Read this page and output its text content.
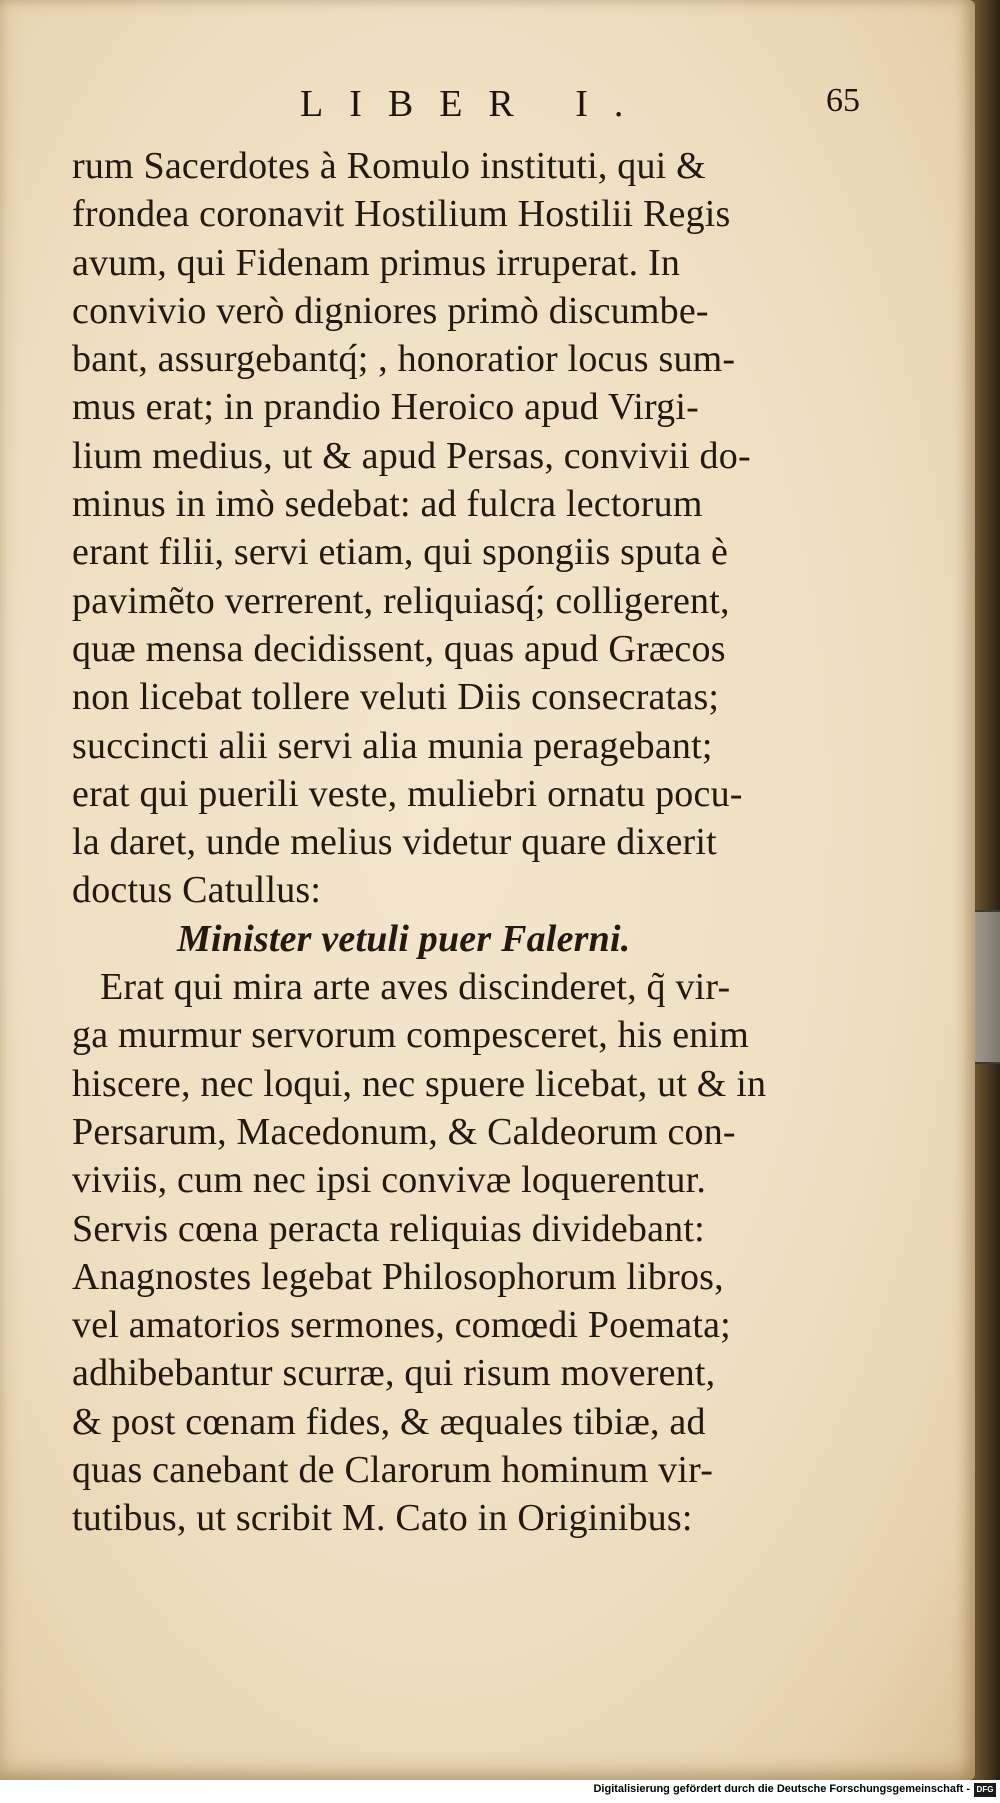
LIBER I.	65
rum Sacerdotes à Romulo instituti, qui &
frondea coronavit Hostilium Hostilii Regis
avum, qui Fidenam primus irruperat. In
convivio verò digniores primò discumbe-
bant, assurgebantq́; , honoratior locus sum-
mus erat; in prandio Heroico apud Virgi-
lium medius, ut & apud Persas, convivii do-
minus in imò sedebat: ad fulcra lectorum
erant filii, servi etiam, qui spongiis sputa è
pavimẽto verrerent, reliquiasq́; colligerent,
quæ mensa decidissent, quas apud Græcos
non licebat tollere veluti Diis consecratas;
succincti alii servi alia munia peragebant;
erat qui puerili veste, muliebri ornatu pocu-
la daret, unde melius videtur quare dixerit
doctus Catullus:
Minister vetuli puer Falerni.
Erat qui mira arte aves discinderet, q̃ vir-
ga murmur servorum compesceret, his enim
hiscere, nec loqui, nec spuere licebat, ut & in
Persarum, Macedonum, & Caldeorum con-
viviis, cum nec ipsi convivæ loquerentur.
Servis cœna peracta reliquias dividebant:
Anagnostes legebat Philosophorum libros,
vel amatorios sermones, comœdi Poemata;
adhibebantur scurræ, qui risum moverent,
& post cœnam fides, & æquales tibiæ, ad
quas canebant de Clarorum hominum vir-
tutibus, ut scribit M. Cato in Originibus:
Digitalisierung gefördert durch die Deutsche Forschungsgemeinschaft - DFG
